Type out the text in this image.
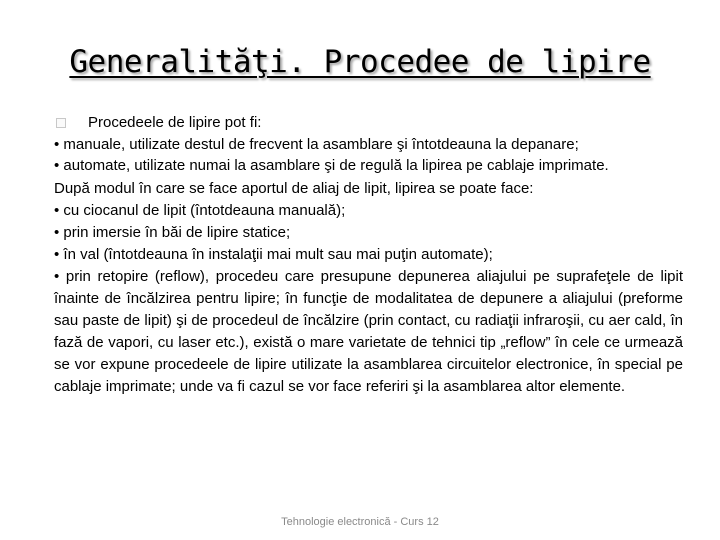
Generalităţi. Procedee de lipire

Procedeele de lipire pot fi:

• manuale, utilizate destul de frecvent la asamblare şi întotdeauna la depanare;

• automate, utilizate numai la asamblare şi de regulă la lipirea pe cablaje imprimate.

După modul în care se face aportul de aliaj de lipit, lipirea se poate face:

• cu ciocanul de lipit (întotdeauna manuală);

• prin imersie în băi de lipire statice;

• în val (întotdeauna în instalaţii mai mult sau mai puţin automate);

• prin retopire (reflow), procedeu care presupune depunerea aliajului pe suprafeţele de lipit înainte de încălzirea pentru lipire; în funcţie de modalitatea de depunere a aliajului (preforme sau paste de lipit) şi de procedeul de încălzire (prin contact, cu radiaţii infraroşii, cu aer cald, în fază de vapori, cu laser etc.), există o mare varietate de tehnici tip „reflow” în cele ce urmează se vor expune procedeele de lipire utilizate la asamblarea circuitelor electronice, în special pe cablaje imprimate; unde va fi cazul se vor face referiri şi la asamblarea altor elemente.

Tehnologie electronică - Curs 12
